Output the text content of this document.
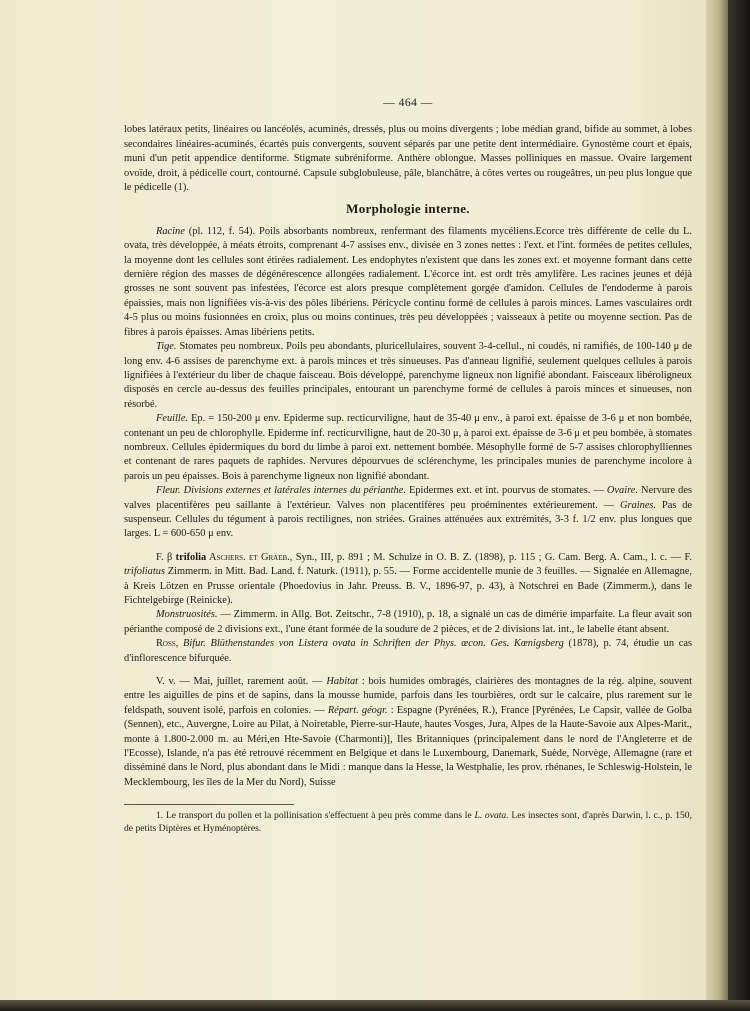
— 464 —

lobes latéraux petits, linéaires ou lancéolés, acuminés, dressés, plus ou moins divergents ; lobe médian grand, bifide au sommet, à lobes secondaires linéaires-acuminés, écartés puis convergents, souvent séparés par une petite dent intermédiaire. Gynostème court et épais, muni d'un petit appendice dentiforme. Stigmate subréniforme. Anthère oblongue. Masses polliniques en massue. Ovaire largement ovoïde, droit, à pédicelle court, contourné. Capsule subglobuleuse, pâle, blanchâtre, à côtes vertes ou rougeâtres, un peu plus longue que le pédicelle (1).

Morphologie interne.

Racine (pl. 112, f. 54). Poils absorbants nombreux, renfermant des filaments mycéliens.Ecorce très différente de celle du L. ovata, très développée, à méats étroits, comprenant 4-7 assises env., divisée en 3 zones nettes : l'ext. et l'int. formées de petites cellules, la moyenne dont les cellules sont étirées radialement. Les endophytes n'existent que dans les zones ext. et moyenne formant dans cette dernière région des masses de dégénérescence allongées radialement. L'écorce int. est ordt très amylifère. Les racines jeunes et déjà grosses ne sont souvent pas infestées, l'écorce est alors presque complètement gorgée d'amidon. Cellules de l'endoderme à parois épaissies, mais non lignifiées vis-à-vis des pôles libériens. Péricycle continu formé de cellules à parois minces. Lames vasculaires ordt 4-5 plus ou moins fusionnées en croix, plus ou moins continues, très peu développées ; vaisseaux à petite ou moyenne section. Pas de fibres à parois épaisses. Amas libériens petits.

Tige. Stomates peu nombreux. Poils peu abondants, pluricellulaires, souvent 3-4-cellul., ni coudés, ni ramifiés, de 100-140 μ de long env. 4-6 assises de parenchyme ext. à parois minces et très sinueuses. Pas d'anneau lignifié, seulement quelques cellules à parois lignifiées à l'extérieur du liber de chaque faisceau. Bois développé, parenchyme ligneux non lignifié abondant. Faisceaux libéroligneux disposés en cercle au-dessus des feuilles principales, entourant un parenchyme formé de cellules à parois minces et sinueuses, non résorbé.

Feuille. Ep. = 150-200 μ env. Epiderme sup. recticurviligne, haut de 35-40 μ env., à paroi ext. épaisse de 3-6 μ et non bombée, contenant un peu de chlorophylle. Epiderme inf. recticurviligne, haut de 20-30 μ, à paroi ext. épaisse de 3-6 μ et peu bombée, à stomates nombreux. Cellules épidermiques du bord du limbe à paroi ext. nettement bombée. Mésophylle formé de 5-7 assises chlorophylliennes et contenant de rares paquets de raphides. Nervures dépourvues de sclérenchyme, les principales munies de parenchyme incolore à parois un peu épaisses. Bois à parenchyme ligneux non lignifié abondant.

Fleur. Divisions externes et latérales internes du périanthe. Epidermes ext. et int. pourvus de stomates. — Ovaire. Nervure des valves placentifères peu saillante à l'extérieur. Valves non placentifères peu proéminentes extérieurement. — Graines. Pas de suspenseur. Cellules du tégument à parois rectilignes, non striées. Graines atténuées aux extrémités, 3-3 f. 1/2 env. plus longues que larges. L = 600-650 μ env.

F. β trifolia Aschers. et Graeb., Syn., III, p. 891 ; M. Schulze in O. B. Z. (1898), p. 115 ; G. Cam. Berg. A. Cam., l. c. — F. trifoliatus Zimmerm. in Mitt. Bad. Land. f. Naturk. (1911), p. 55. — Forme accidentelle munie de 3 feuilles. — Signalée en Allemagne, à Kreis Lötzen en Prusse orientale (Phoedovius in Jahr. Preuss. B. V., 1896-97, p. 43), à Notschrei en Bade (Zimmerm.), dans le Fichtelgebirge (Reinicke).

Monstruosités. — Zimmerm. in Allg. Bot. Zeitschr., 7-8 (1910), p. 18, a signalé un cas de dimérie imparfaite. La fleur avait son périanthe composé de 2 divisions ext., l'une étant formée de la soudure de 2 pièces, et de 2 divisions lat. int., le labelle étant absent.

Ross, Bifur. Blüthenstandes von Listera ovata in Schriften der Phys. œcon. Ges. Kœnigsberg (1878), p. 74, étudie un cas d'inflorescence bifurquée.

V. v. — Mai, juillet, rarement août. — Habitat : bois humides ombragés, clairières des montagnes de la rég. alpine, souvent entre les aiguilles de pins et de sapins, dans la mousse humide, parfois dans les tourbières, ordt sur le calcaire, plus rarement sur le feldspath, souvent isolé, parfois en colonies. — Répart. géogr. : Espagne (Pyrénées, R.), France [Pyrénées, Le Capsir, vallée de Golba (Sennen), etc., Auvergne, Loire au Pilat, à Noiretable, Pierre-sur-Haute, hautes Vosges, Jura, Alpes de la Haute-Savoie aux Alpes-Marit., monte à 1.800-2.000 m. au Méri,en Hte-Savoie (Charmonti)], Iles Britanniques (principalement dans le nord de l'Angleterre et de l'Ecosse), Islande, n'a pas été retrouvé récemment en Belgique et dans le Luxembourg, Danemark, Suède, Norvège, Allemagne (rare et disséminé dans le Nord, plus abondant dans le Midi : manque dans la Hesse, la Westphalie, les prov. rhénanes, le Schleswig-Holstein, le Mecklembourg, les îles de la Mer du Nord), Suisse

1. Le transport du pollen et la pollinisation s'effectuent à peu près comme dans le L. ovata. Les insectes sont, d'après Darwin, l. c., p. 150, de petits Diptères et Hyménoptères.
